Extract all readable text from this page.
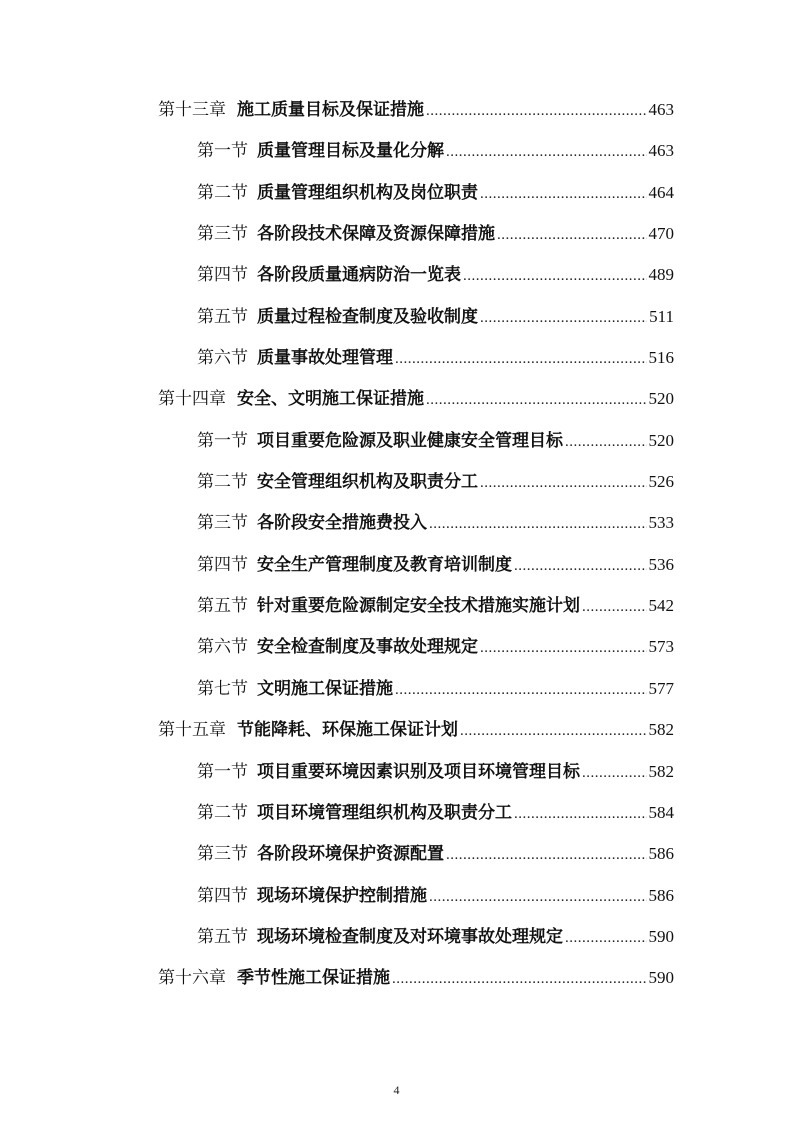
第十三章 施工质量目标及保证措施 .....	463
第一节 质量管理目标及量化分解 .....	463
第二节 质量管理组织机构及岗位职责 .....	464
第三节 各阶段技术保障及资源保障措施 .....	470
第四节 各阶段质量通病防治一览表 .....	489
第五节 质量过程检查制度及验收制度 .....	511
第六节 质量事故处理管理 .....	516
第十四章 安全、文明施工保证措施 .....	520
第一节 项目重要危险源及职业健康安全管理目标 .....	520
第二节 安全管理组织机构及职责分工 .....	526
第三节 各阶段安全措施费投入 .....	533
第四节 安全生产管理制度及教育培训制度 .....	536
第五节 针对重要危险源制定安全技术措施实施计划 .....	542
第六节 安全检查制度及事故处理规定 .....	573
第七节 文明施工保证措施 .....	577
第十五章 节能降耗、环保施工保证计划 .....	582
第一节 项目重要环境因素识别及项目环境管理目标 .....	582
第二节 项目环境管理组织机构及职责分工 .....	584
第三节 各阶段环境保护资源配置 .....	586
第四节 现场环境保护控制措施 .....	586
第五节 现场环境检查制度及对环境事故处理规定 .....	590
第十六章 季节性施工保证措施 .....	590
4
